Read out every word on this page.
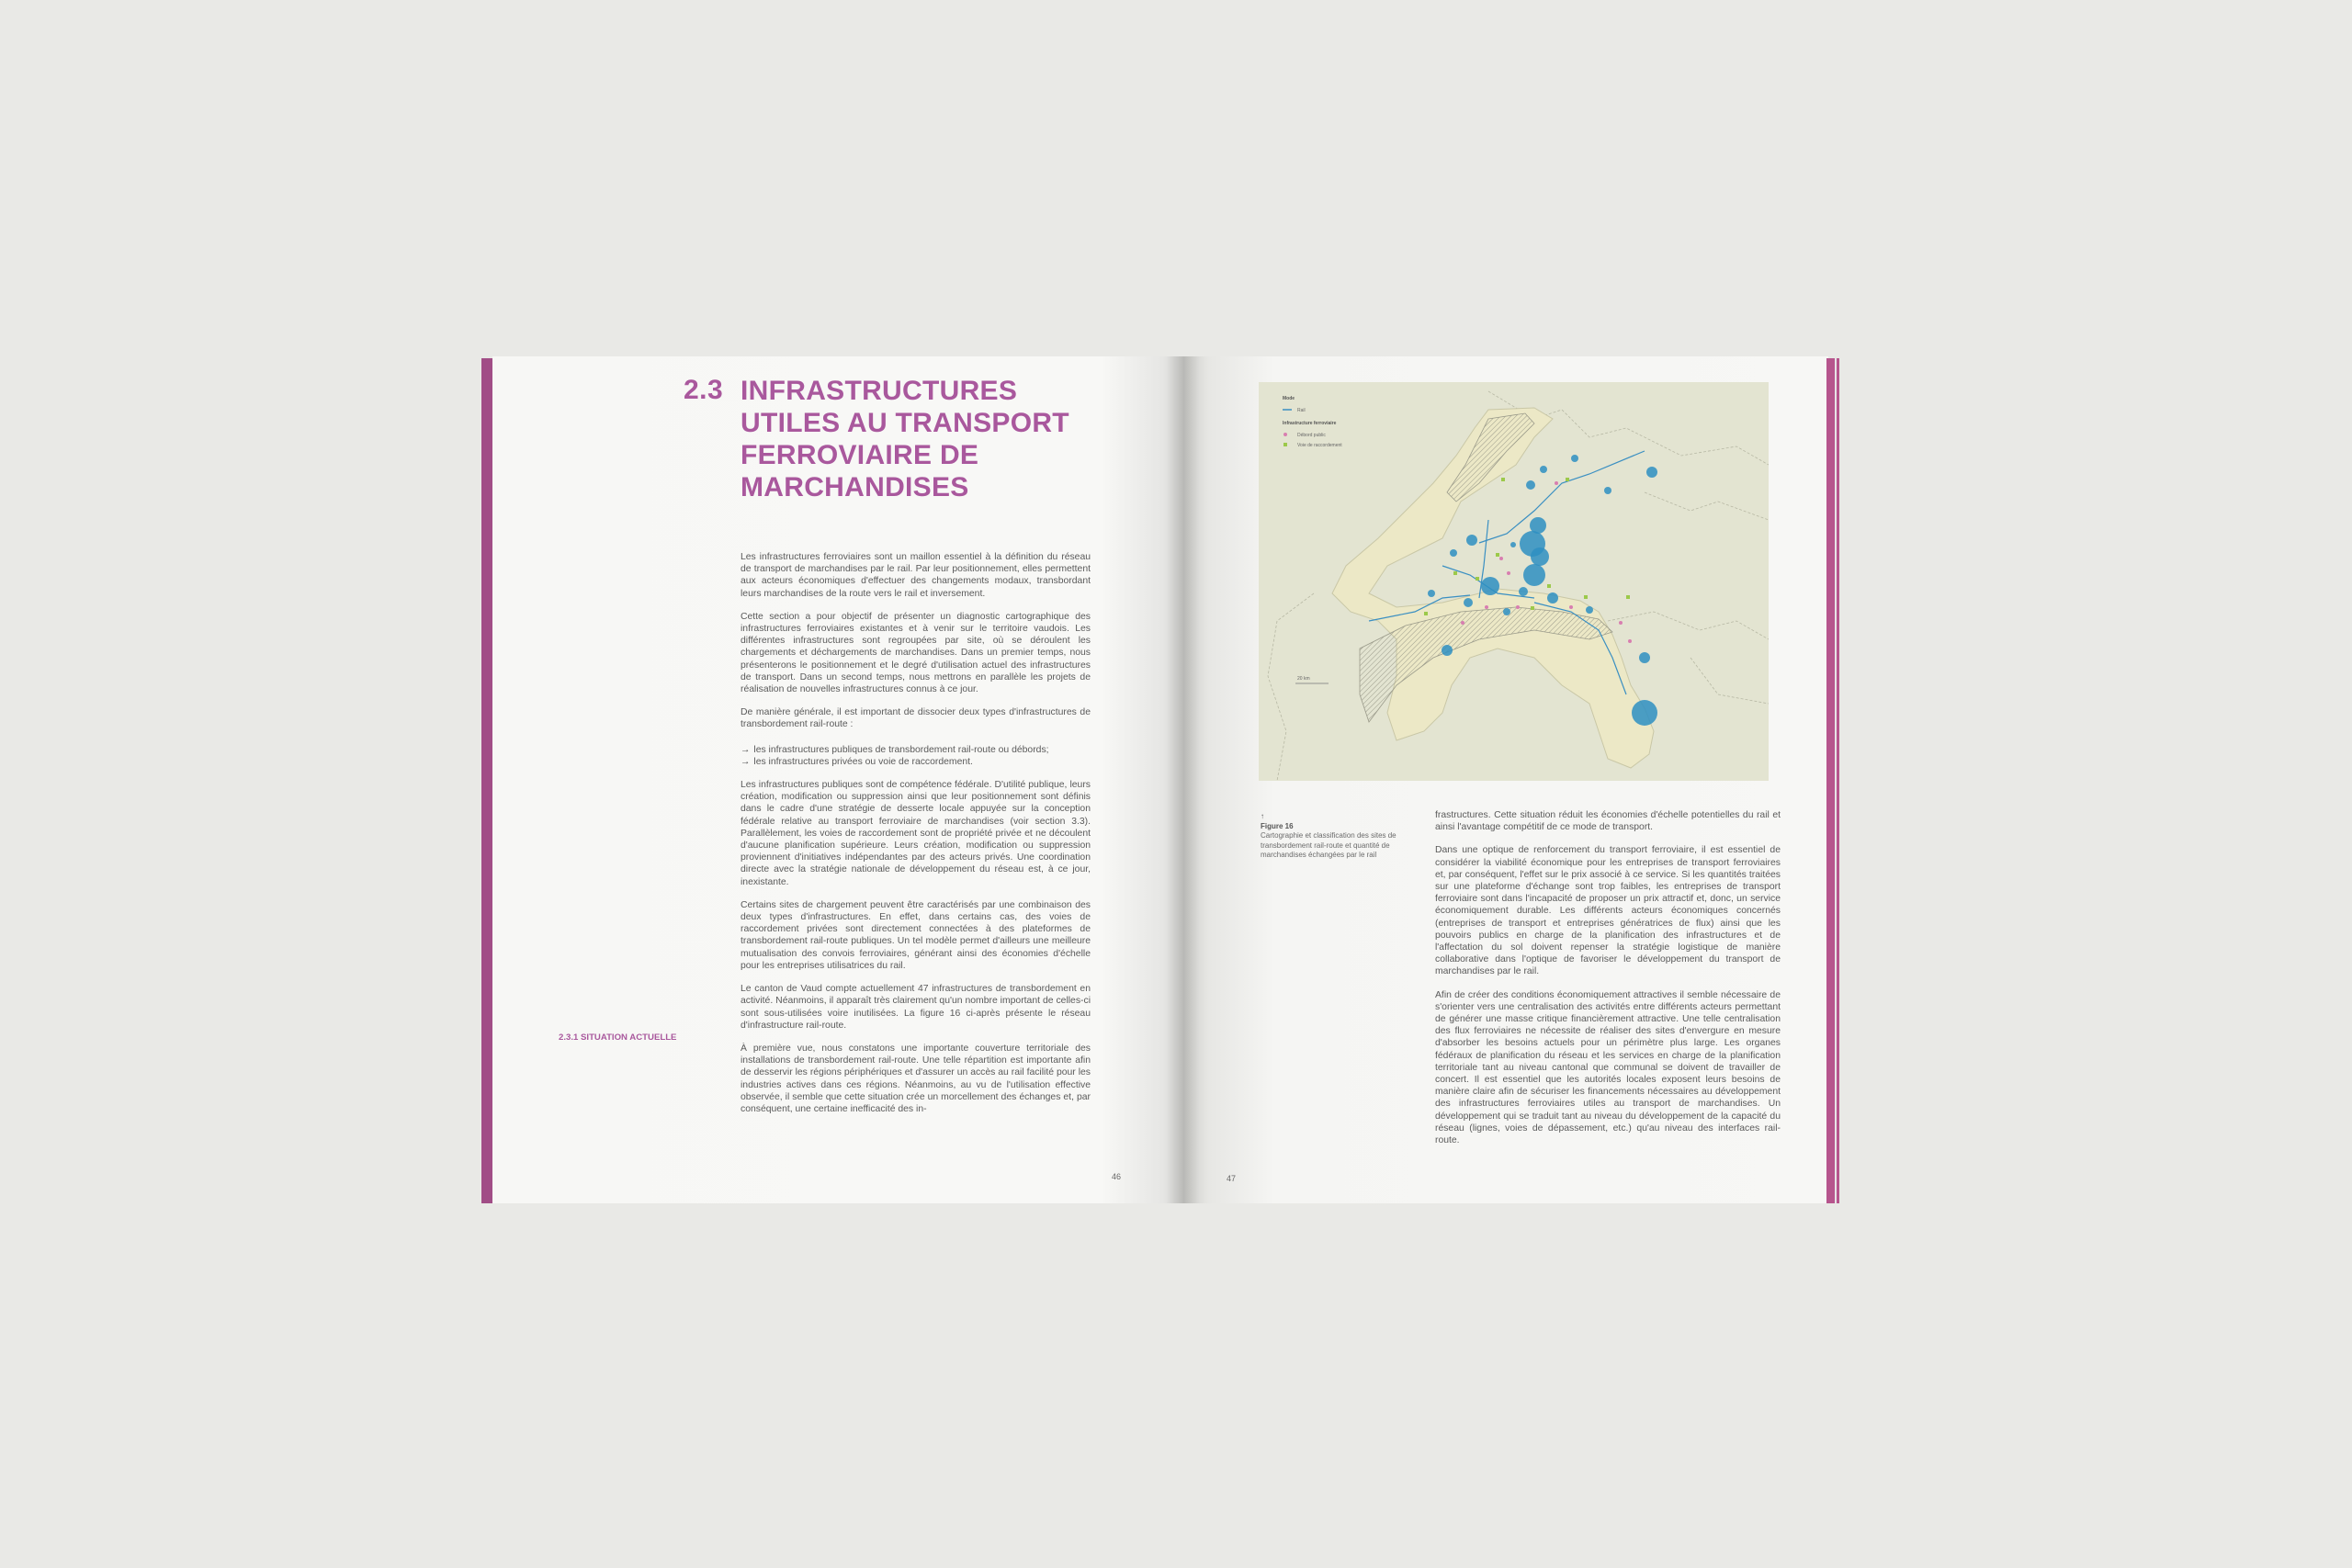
2.3 INFRASTRUCTURES
UTILES AU TRANSPORT
FERROVIAIRE DE
MARCHANDISES

Les infrastructures ferroviaires sont un maillon essentiel à la définition du réseau de transport de marchandises par le rail. Par leur positionnement, elles permettent aux acteurs économiques d'effectuer des changements modaux, transbordant leurs marchandises de la route vers le rail et inversement.

Cette section a pour objectif de présenter un diagnostic cartographique des infrastructures ferroviaires existantes et à venir sur le territoire vaudois. Les différentes infrastructures sont regroupées par site, où se déroulent les chargements et déchargements de marchandises. Dans un premier temps, nous présenterons le positionnement et le degré d'utilisation actuel des infrastructures de transport. Dans un second temps, nous mettrons en parallèle les projets de réalisation de nouvelles infrastructures connus à ce jour.

De manière générale, il est important de dissocier deux types d'infrastructures de transbordement rail-route :

→ les infrastructures publiques de transbordement rail-route ou débords;
→ les infrastructures privées ou voie de raccordement.

Les infrastructures publiques sont de compétence fédérale. D'utilité publique, leurs création, modification ou suppression ainsi que leur positionnement sont définis dans le cadre d'une stratégie de desserte locale appuyée sur la conception fédérale relative au transport ferroviaire de marchandises (voir section 3.3). Parallèlement, les voies de raccordement sont de propriété privée et ne découlent d'aucune planification supérieure. Leurs création, modification ou suppression proviennent d'initiatives indépendantes par des acteurs privés. Une coordination directe avec la stratégie nationale de développement du réseau est, à ce jour, inexistante.

Certains sites de chargement peuvent être caractérisés par une combinaison des deux types d'infrastructures. En effet, dans certains cas, des voies de raccordement privées sont directement connectées à des plateformes de transbordement rail-route publiques. Un tel modèle permet d'ailleurs une meilleure mutualisation des convois ferroviaires, générant ainsi des économies d'échelle pour les entreprises utilisatrices du rail.

Le canton de Vaud compte actuellement 47 infrastructures de transbordement en activité. Néanmoins, il apparaît très clairement qu'un nombre important de celles-ci sont sous-utilisées voire inutilisées. La figure 16 ci-après présente le réseau d'infrastructure rail-route.

À première vue, nous constatons une importante couverture territoriale des installations de transbordement rail-route. Une telle répartition est importante afin de desservir les régions périphériques et d'assurer un accès au rail facilité pour les industries actives dans ces régions. Néanmoins, au vu de l'utilisation effective observée, il semble que cette situation crée un morcellement des échanges et, par conséquent, une certaine inefficacité des in-

2.3.1 SITUATION ACTUELLE
46
Mode
Rail
Infrastructure ferroviaire
Débord public
Voie de raccordement
20 km
↑
Figure 16
Cartographie et classification des sites de transbordement rail-route et quantité de marchandises échangées par le rail

frastructures. Cette situation réduit les économies d'échelle potentielles du rail et ainsi l'avantage compétitif de ce mode de transport.

Dans une optique de renforcement du transport ferroviaire, il est essentiel de considérer la viabilité économique pour les entreprises de transport ferroviaires et, par conséquent, l'effet sur le prix associé à ce service. Si les quantités traitées sur une plateforme d'échange sont trop faibles, les entreprises de transport ferroviaire sont dans l'incapacité de proposer un prix attractif et, donc, un service économiquement durable. Les différents acteurs économiques concernés (entreprises de transport et entreprises génératrices de flux) ainsi que les pouvoirs publics en charge de la planification des infrastructures et de l'affectation du sol doivent repenser la stratégie logistique de manière collaborative dans l'optique de favoriser le développement du transport de marchandises par le rail.

Afin de créer des conditions économiquement attractives il semble nécessaire de s'orienter vers une centralisation des activités entre différents acteurs permettant de générer une masse critique financièrement attractive. Une telle centralisation des flux ferroviaires ne nécessite de réaliser des sites d'envergure en mesure d'absorber les besoins actuels pour un périmètre plus large. Les organes fédéraux de planification du réseau et les services en charge de la planification territoriale tant au niveau cantonal que communal se doivent de travailler de concert. Il est essentiel que les autorités locales exposent leurs besoins de manière claire afin de sécuriser les financements nécessaires au développement des infrastructures ferroviaires utiles au transport de marchandises. Un développement qui se traduit tant au niveau du développement de la capacité du réseau (lignes, voies de dépassement, etc.) qu'au niveau des interfaces rail-route.

47
